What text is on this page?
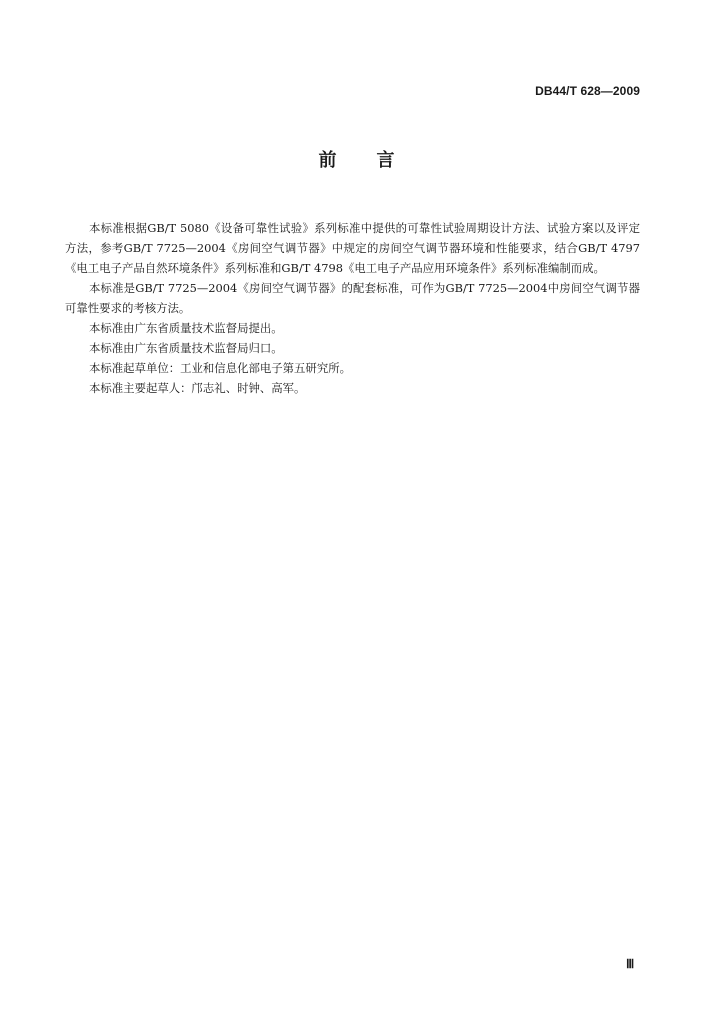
DB44/T 628—2009
前言

本标准根据GB/T 5080《设备可靠性试验》系列标准中提供的可靠性试验周期设计方法、试验方案以及评定方法，参考GB/T 7725—2004《房间空气调节器》中规定的房间空气调节器环境和性能要求，结合GB/T 4797《电工电子产品自然环境条件》系列标准和GB/T 4798《电工电子产品应用环境条件》系列标准编制而成。

本标准是GB/T 7725—2004《房间空气调节器》的配套标准，可作为GB/T 7725—2004中房间空气调节器可靠性要求的考核方法。

本标准由广东省质量技术监督局提出。

本标准由广东省质量技术监督局归口。

本标准起草单位：工业和信息化部电子第五研究所。

本标准主要起草人：邝志礼、时钟、高军。

Ⅲ
